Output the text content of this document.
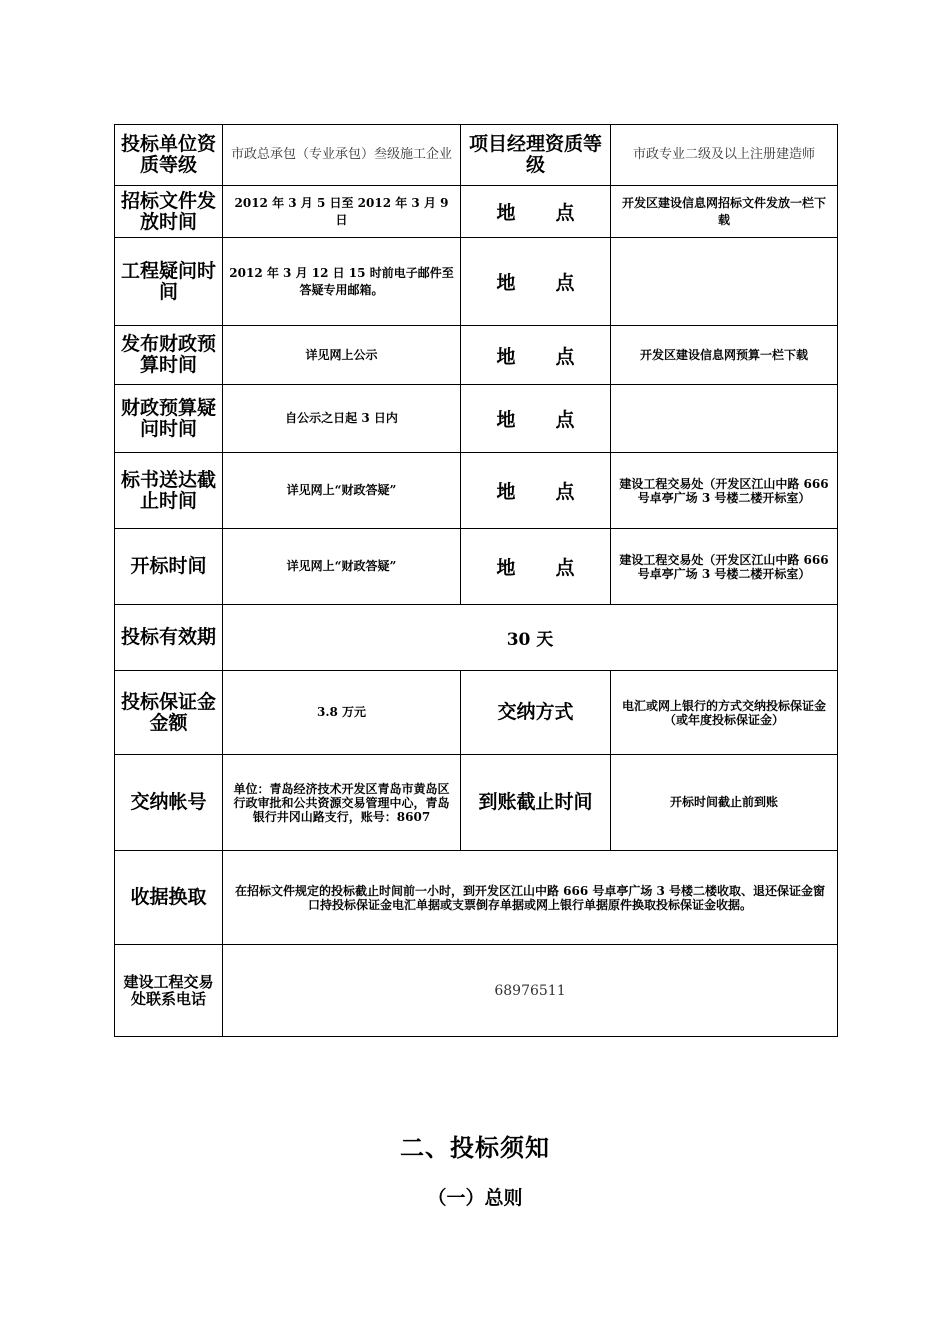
投标单位资质等级	市政总承包（专业承包）叁级施工企业	项目经理资质等级	市政专业二级及以上注册建造师
招标文件发放时间	2012 年 3 月 5 日至 2012 年 3 月 9 日	地 点	开发区建设信息网招标文件发放一栏下载
工程疑问时间	2012 年 3 月 12 日 15 时前电子邮件至答疑专用邮箱。	地 点	
发布财政预算时间	详见网上公示	地 点	开发区建设信息网预算一栏下载
财政预算疑问时间	自公示之日起 3 日内	地 点	
标书送达截止时间	详见网上“财政答疑”	地 点	建设工程交易处（开发区江山中路 666 号卓亭广场 3 号楼二楼开标室）
开标时间	详见网上“财政答疑”	地 点	建设工程交易处（开发区江山中路 666 号卓亭广场 3 号楼二楼开标室）
投标有效期	30 天		
投标保证金金额	3.8 万元	交纳方式	电汇或网上银行的方式交纳投标保证金（或年度投标保证金）
交纳帐号	单位：青岛经济技术开发区青岛市黄岛区行政审批和公共资源交易管理中心，青岛银行井冈山路支行，账号：8607	到账截止时间	开标时间截止前到账
收据换取	在招标文件规定的投标截止时间前一小时，到开发区江山中路 666 号卓亭广场 3 号楼二楼收取、退还保证金窗口持投标保证金电汇单据或支票倒存单据或网上银行单据原件换取投标保证金收据。		
建设工程交易处联系电话	68976511		
二、投标须知
（一）总则
